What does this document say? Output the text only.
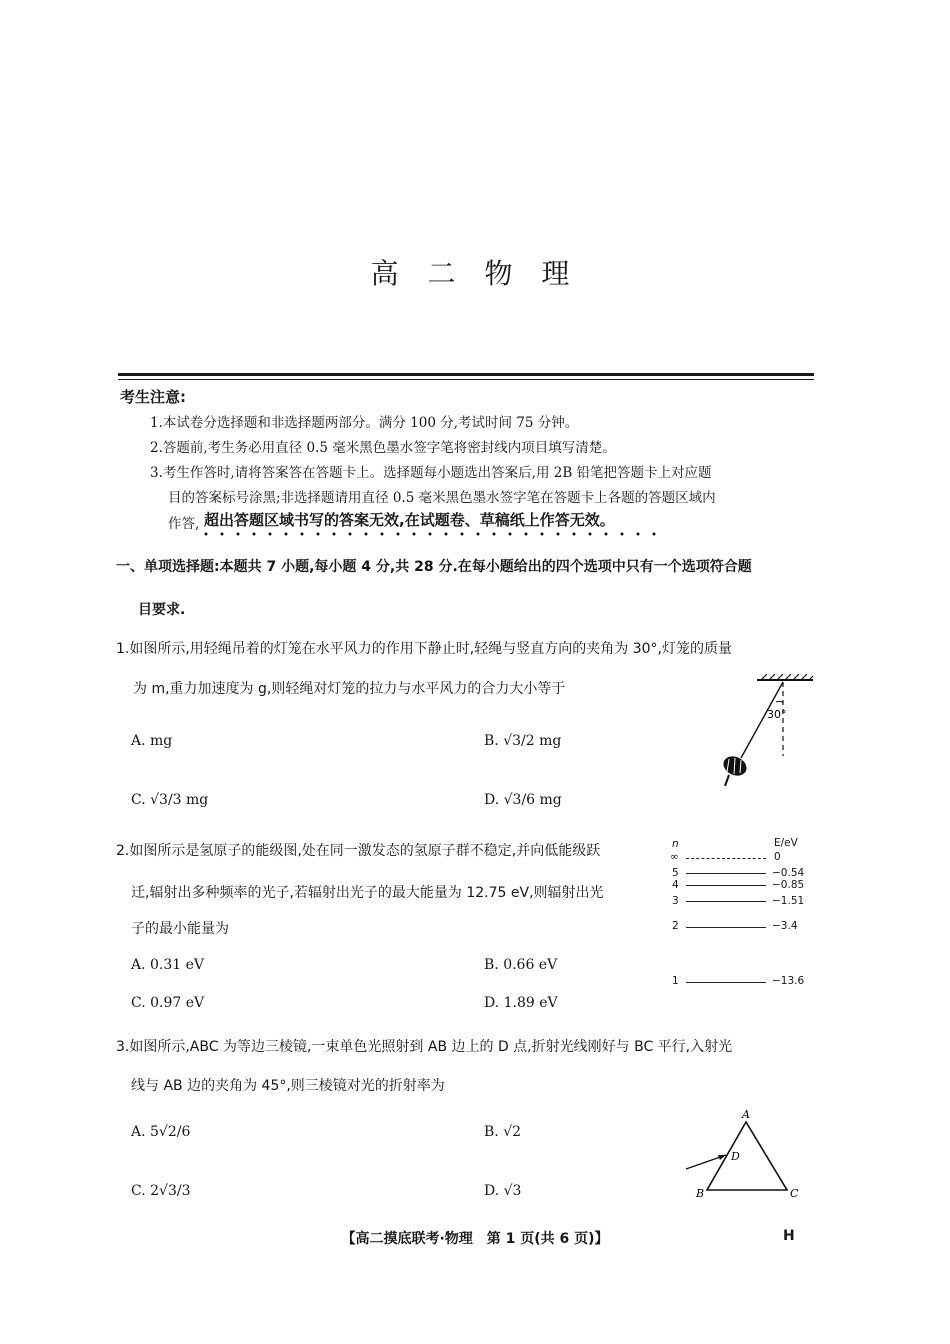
高 二 物 理
考生注意:
1.本试卷分选择题和非选择题两部分。满分 100 分,考试时间 75 分钟。
2.答题前,考生务必用直径 0.5 毫米黑色墨水签字笔将密封线内项目填写清楚。
3.考生作答时,请将答案答在答题卡上。选择题每小题选出答案后,用 2B 铅笔把答题卡上对应题
目的答案标号涂黑;非选择题请用直径 0.5 毫米黑色墨水签字笔在答题卡上各题的答题区域内
作答, 超出答题区域书写的答案无效,在试题卷、草稿纸上作答无效。
一、单项选择题:本题共 7 小题,每小题 4 分,共 28 分.在每小题给出的四个选项中只有一个选项符合题
目要求.
1.如图所示,用轻绳吊着的灯笼在水平风力的作用下静止时,轻绳与竖直方向的夹角为 30°,灯笼的质量
为 m,重力加速度为 g,则轻绳对灯笼的拉力与水平风力的合力大小等于
A. mg	B. √3/2 mg
C. √3/3 mg	D. √3/6 mg
30°
2.如图所示是氢原子的能级图,处在同一激发态的氢原子群不稳定,并向低能级跃
迁,辐射出多种频率的光子,若辐射出光子的最大能量为 12.75 eV,则辐射出光
子的最小能量为
A. 0.31 eV	B. 0.66 eV
C. 0.97 eV	D. 1.89 eV
n	E/eV
∞	0
5	−0.54
4	−0.85
3	−1.51
2	−3.4
1	−13.6
3.如图所示,ABC 为等边三棱镜,一束单色光照射到 AB 边上的 D 点,折射光线刚好与 BC 平行,入射光
线与 AB 边的夹角为 45°,则三棱镜对光的折射率为
A. 5√2/6	B. √2
C. 2√3/3	D. √3
A
B	C
D
【高二摸底联考·物理　第 1 页(共 6 页)】	H
